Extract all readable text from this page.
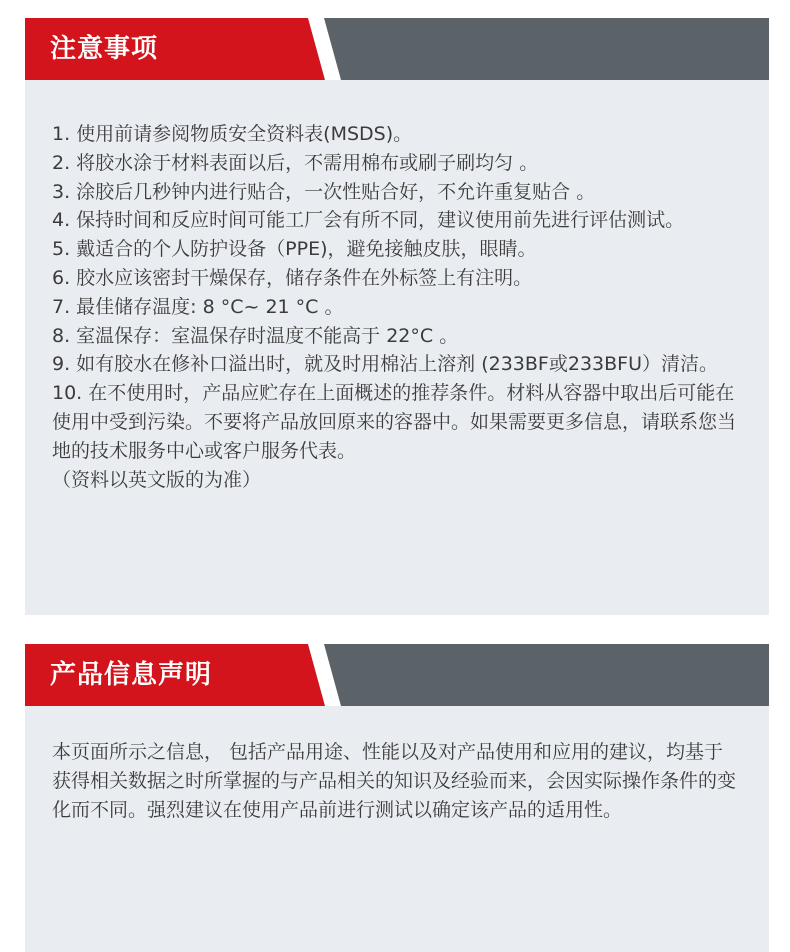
注意事项

1. 使用前请参阅物质安全资料表(MSDS)。

2. 将胶水涂于材料表面以后，不需用棉布或刷子刷均匀 。

3. 涂胶后几秒钟内进行贴合，一次性贴合好，不允许重复贴合 。

4. 保持时间和反应时间可能工厂会有所不同，建议使用前先进行评估测试。

5. 戴适合的个人防护设备（PPE)，避免接触皮肤，眼睛。

6. 胶水应该密封干燥保存，储存条件在外标签上有注明。

7. 最佳储存温度: 8 °C~ 21 °C 。

8. 室温保存：室温保存时温度不能高于 22°C 。

9. 如有胶水在修补口溢出时，就及时用棉沾上溶剂 (233BF或233BFU）清洁。

10. 在不使用时，产品应贮存在上面概述的推荐条件。材料从容器中取出后可能在使用中受到污染。不要将产品放回原来的容器中。如果需要更多信息，请联系您当地的技术服务中心或客户服务代表。

（资料以英文版的为准）

产品信息声明

本页面所示之信息， 包括产品用途、性能以及对产品使用和应用的建议，均基于获得相关数据之时所掌握的与产品相关的知识及经验而来，会因实际操作条件的变化而不同。强烈建议在使用产品前进行测试以确定该产品的适用性。
